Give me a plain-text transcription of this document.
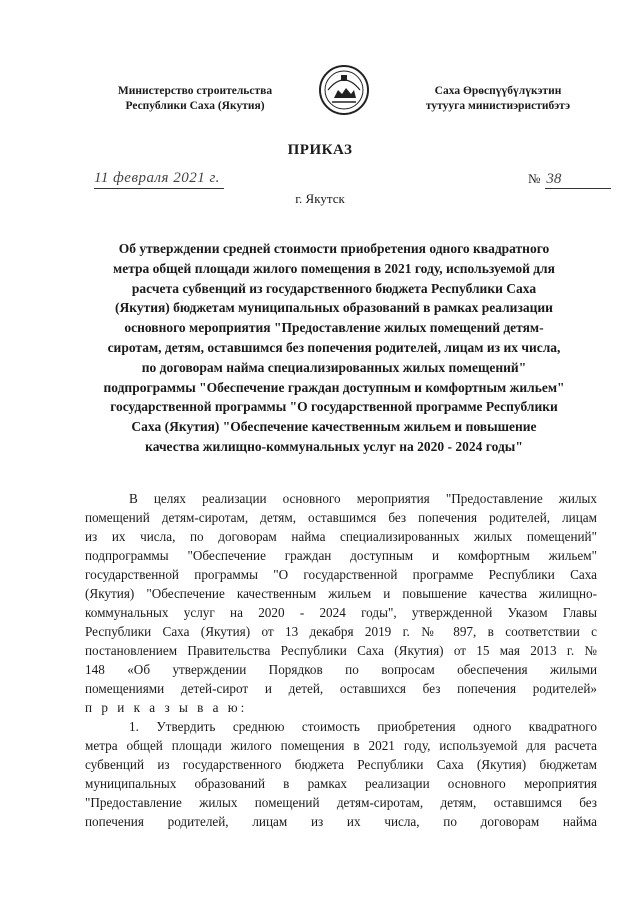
Министерство строительства
Республики Саха (Якутия)
Саха Өрөспүүбүлүкэтин
тутууга министиэристибэтэ
ПРИКАЗ
11 февраля 2021 г.	№ 38
г. Якутск
Об утверждении средней стоимости приобретения одного квадратного
метра общей площади жилого помещения в 2021 году, используемой для
расчета субвенций из государственного бюджета Республики Саха
(Якутия) бюджетам муниципальных образований в рамках реализации
основного мероприятия "Предоставление жилых помещений детям-
сиротам, детям, оставшимся без попечения родителей, лицам из их числа,
по договорам найма специализированных жилых помещений"
подпрограммы "Обеспечение граждан доступным и комфортным жильем"
государственной программы "О государственной программе Республики
Саха (Якутия) "Обеспечение качественным жильем и повышение
качества жилищно-коммунальных услуг на 2020 - 2024 годы"
В целях реализации основного мероприятия "Предоставление жилых
помещений детям-сиротам, детям, оставшимся без попечения родителей, лицам
из их числа, по договорам найма специализированных жилых помещений"
подпрограммы "Обеспечение граждан доступным и комфортным жильем"
государственной программы "О государственной программе Республики Саха
(Якутия) "Обеспечение качественным жильем и повышение качества жилищно-
коммунальных услуг на 2020 - 2024 годы", утвержденной Указом Главы
Республики Саха (Якутия) от 13 декабря 2019 г. № 897, в соответствии с
постановлением Правительства Республики Саха (Якутия) от 15 мая 2013 г. №
148 «Об утверждении Порядков по вопросам обеспечения жилыми
помещениями детей-сирот и детей, оставшихся без попечения родителей»
п р и к а з ы в а ю:
1. Утвердить среднюю стоимость приобретения одного квадратного
метра общей площади жилого помещения в 2021 году, используемой для расчета
субвенций из государственного бюджета Республики Саха (Якутия) бюджетам
муниципальных образований в рамках реализации основного мероприятия
"Предоставление жилых помещений детям-сиротам, детям, оставшимся без
попечения родителей, лицам из их числа, по договорам найма
